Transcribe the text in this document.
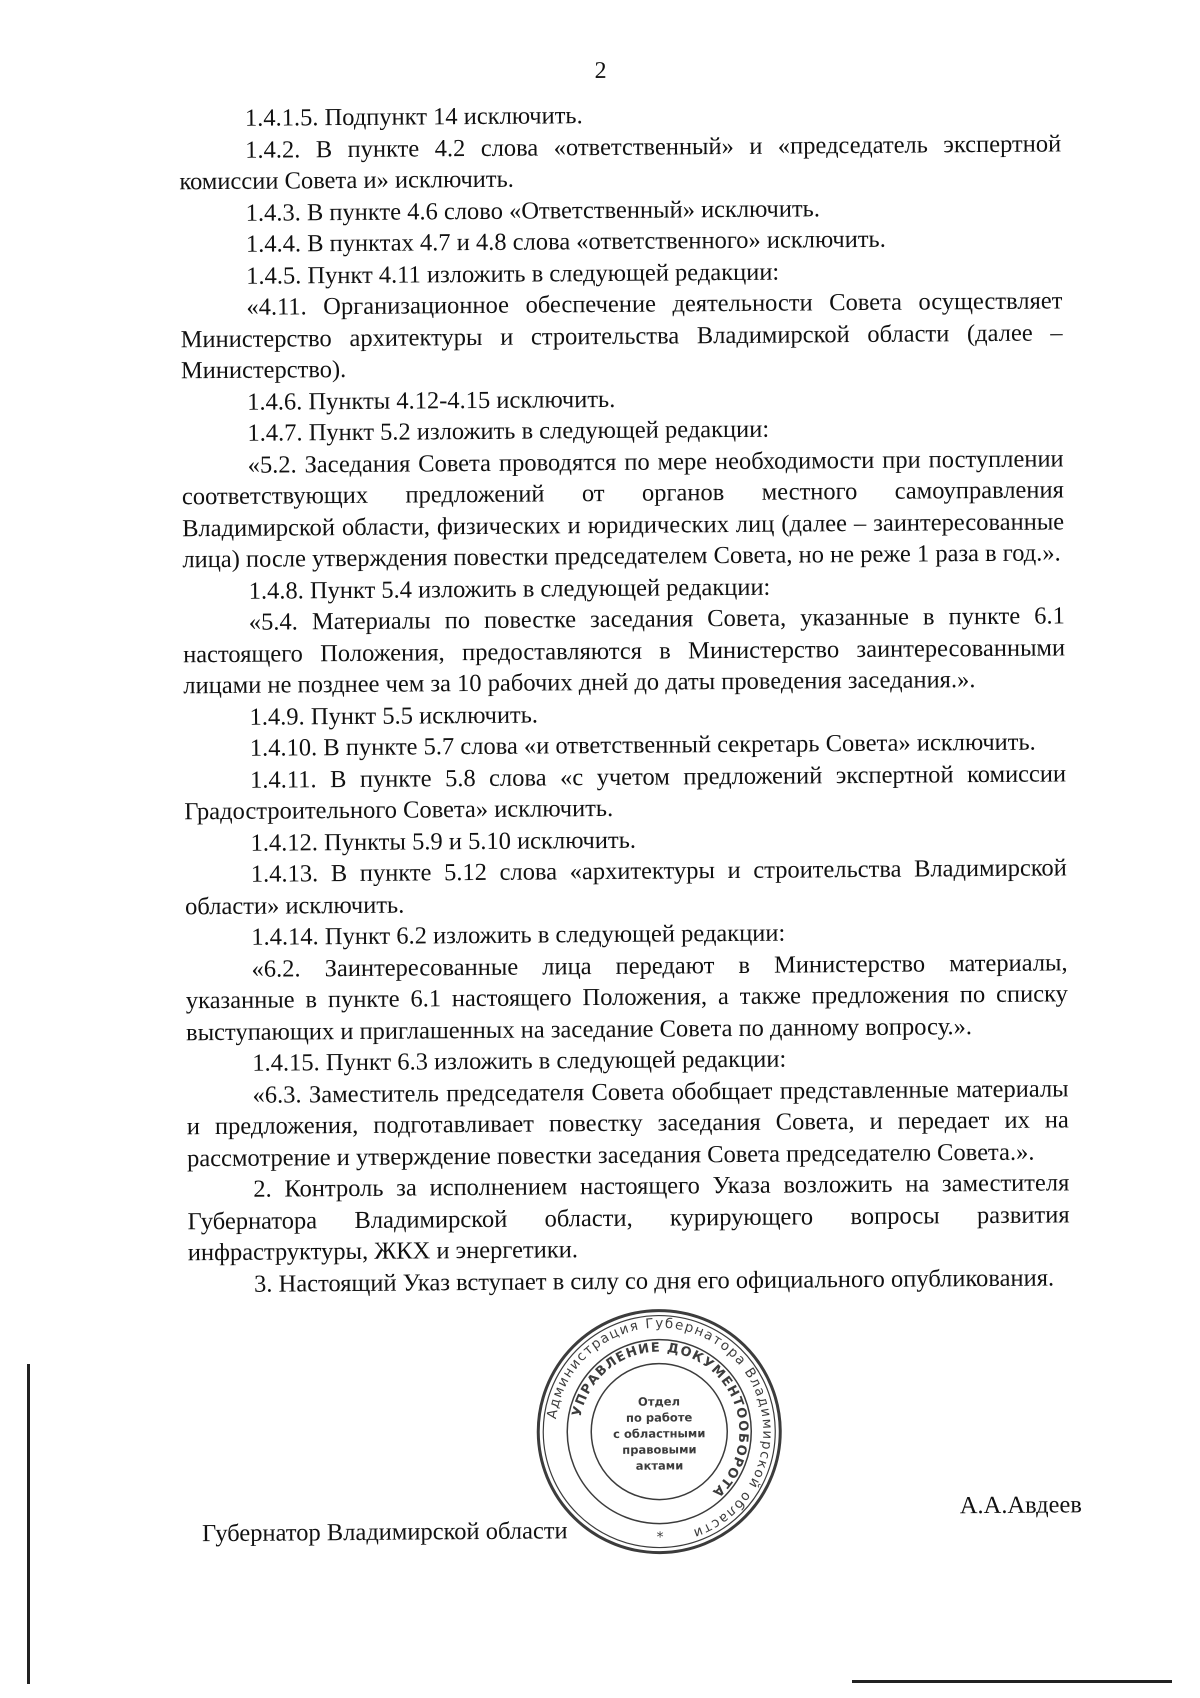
2

1.4.1.5. Подпункт 14 исключить.

1.4.2. В пункте 4.2 слова «ответственный» и «председатель экспертной комиссии Совета и» исключить.

1.4.3. В пункте 4.6 слово «Ответственный» исключить.

1.4.4. В пунктах 4.7 и 4.8 слова «ответственного» исключить.

1.4.5. Пункт 4.11 изложить в следующей редакции:

«4.11. Организационное обеспечение деятельности Совета осуществляет Министерство архитектуры и строительства Владимирской области (далее – Министерство).

1.4.6. Пункты 4.12-4.15 исключить.

1.4.7. Пункт 5.2 изложить в следующей редакции:

«5.2. Заседания Совета проводятся по мере необходимости при поступлении соответствующих предложений от органов местного самоуправления Владимирской области, физических и юридических лиц (далее – заинтересованные лица) после утверждения повестки председателем Совета, но не реже 1 раза в год.».

1.4.8. Пункт 5.4 изложить в следующей редакции:

«5.4. Материалы по повестке заседания Совета, указанные в пункте 6.1 настоящего Положения, предоставляются в Министерство заинтересованными лицами не позднее чем за 10 рабочих дней до даты проведения заседания.».

1.4.9. Пункт 5.5 исключить.

1.4.10. В пункте 5.7 слова «и ответственный секретарь Совета» исключить.

1.4.11. В пункте 5.8 слова «с учетом предложений экспертной комиссии Градостроительного Совета» исключить.

1.4.12. Пункты 5.9 и 5.10 исключить.

1.4.13. В пункте 5.12 слова «архитектуры и строительства Владимирской области» исключить.

1.4.14. Пункт 6.2 изложить в следующей редакции:

«6.2. Заинтересованные лица передают в Министерство материалы, указанные в пункте 6.1 настоящего Положения, а также предложения по списку выступающих и приглашенных на заседание Совета по данному вопросу.».

1.4.15. Пункт 6.3 изложить в следующей редакции:

«6.3. Заместитель председателя Совета обобщает представленные материалы и предложения, подготавливает повестку заседания Совета, и передает их на рассмотрение и утверждение повестки заседания Совета председателю Совета.».

2. Контроль за исполнением настоящего Указа возложить на заместителя Губернатора Владимирской области, курирующего вопросы развития инфраструктуры, ЖКХ и энергетики.

3. Настоящий Указ вступает в силу со дня его официального опубликования.

Губернатор Владимирской области
А.А.Авдеев
Администрация Губернатора Владимирской области
УПРАВЛЕНИЕ ДОКУМЕНТООБОРОТА
Отдел
по работе
с областными
правовыми
актами
*
